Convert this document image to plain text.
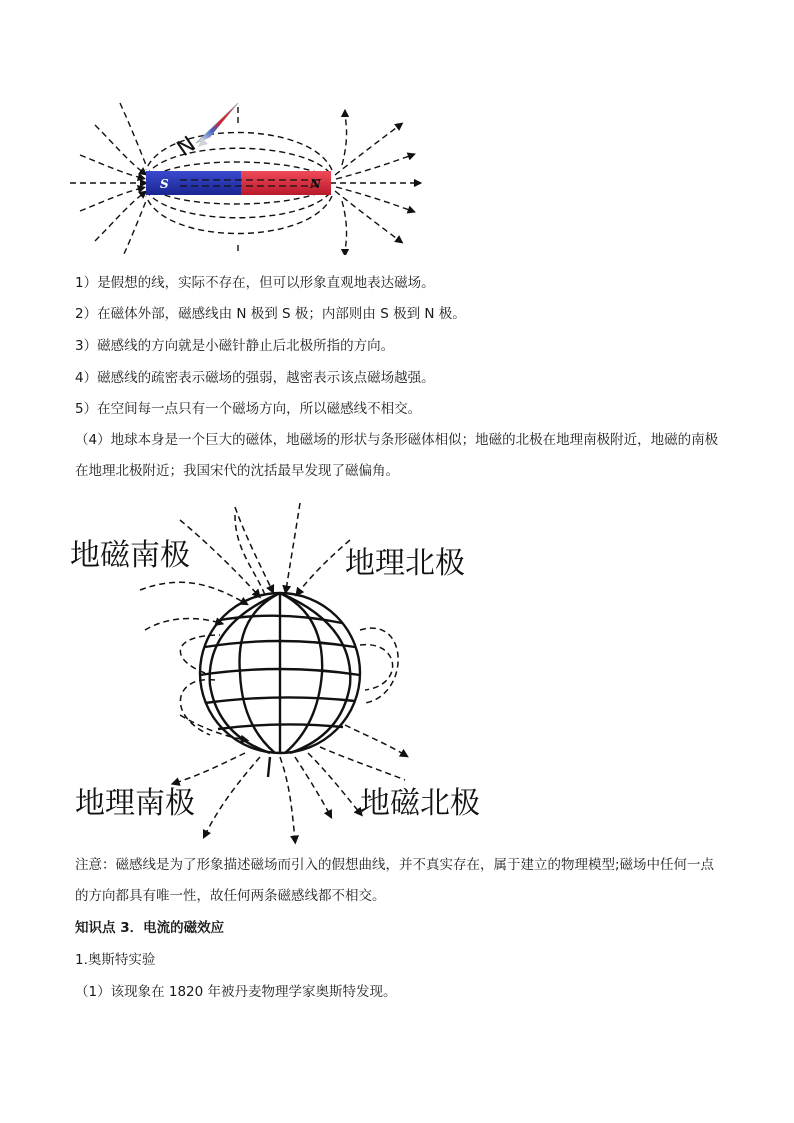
S	N
N
1）是假想的线，实际不存在，但可以形象直观地表达磁场。
2）在磁体外部，磁感线由 N 极到 S 极；内部则由 S 极到 N 极。
3）磁感线的方向就是小磁针静止后北极所指的方向。
4）磁感线的疏密表示磁场的强弱，越密表示该点磁场越强。
5）在空间每一点只有一个磁场方向，所以磁感线不相交。
（4）地球本身是一个巨大的磁体，地磁场的形状与条形磁体相似；地磁的北极在地理南极附近，地磁的南极在地理北极附近；我国宋代的沈括最早发现了磁偏角。
地磁南极	地理北极
地理南极	地磁北极
注意：磁感线是为了形象描述磁场而引入的假想曲线，并不真实存在，属于建立的物理模型;磁场中任何一点的方向都具有唯一性，故任何两条磁感线都不相交。
知识点 3．电流的磁效应
1.奥斯特实验
（1）该现象在 1820 年被丹麦物理学家奥斯特发现。
